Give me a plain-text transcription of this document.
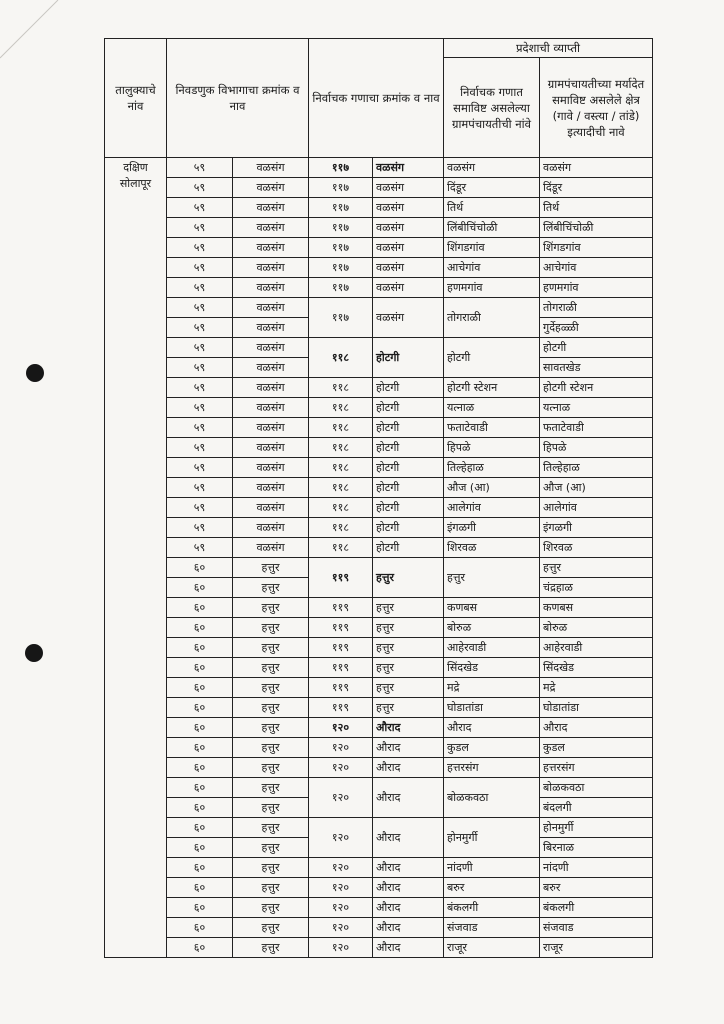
तालुक्याचे नांव	निवडणुक विभागाचा क्रमांक व नाव		निर्वाचक गणाचा क्रमांक व नाव		प्रदेशाची व्याप्ती	
					निर्वाचक गणात समाविष्ट असलेल्या ग्रामपंचायतीची नांवे	ग्रामपंचायतीच्या मर्यादेत समाविष्ट असलेले क्षेत्र (गावे / वस्त्या / तांडे) इत्यादीची नावे
दक्षिण सोलापूर	५९	वळसंग	११७	वळसंग	वळसंग	वळसंग
	५९	वळसंग	११७	वळसंग	दिंडूर	दिंडूर
	५९	वळसंग	११७	वळसंग	तिर्थ	तिर्थ
	५९	वळसंग	११७	वळसंग	लिंबीचिंचोळी	लिंबीचिंचोळी
	५९	वळसंग	११७	वळसंग	शिंगडगांव	शिंगडगांव
	५९	वळसंग	११७	वळसंग	आचेगांव	आचेगांव
	५९	वळसंग	११७	वळसंग	हणमगांव	हणमगांव
	५९	वळसंग	११७	वळसंग	तोगराळी	तोगराळी
	५९	वळसंग				गुर्देहळ्ळी
	५९	वळसंग	११८	होटगी	होटगी	होटगी
	५९	वळसंग				सावतखेड
	५९	वळसंग	११८	होटगी	होटगी स्टेशन	होटगी स्टेशन
	५९	वळसंग	११८	होटगी	यत्नाळ	यत्नाळ
	५९	वळसंग	११८	होटगी	फताटेवाडी	फताटेवाडी
	५९	वळसंग	११८	होटगी	हिपळे	हिपळे
	५९	वळसंग	११८	होटगी	तिल्हेहाळ	तिल्हेहाळ
	५९	वळसंग	११८	होटगी	औज (आ)	औज (आ)
	५९	वळसंग	११८	होटगी	आलेगांव	आलेगांव
	५९	वळसंग	११८	होटगी	इंगळगी	इंगळगी
	५९	वळसंग	११८	होटगी	शिरवळ	शिरवळ
	६०	हत्तुर	११९	हत्तुर	हत्तुर	हत्तुर
	६०	हत्तुर				चंद्रहाळ
	६०	हत्तुर	११९	हत्तुर	कणबस	कणबस
	६०	हत्तुर	११९	हत्तुर	बोरुळ	बोरुळ
	६०	हत्तुर	११९	हत्तुर	आहेरवाडी	आहेरवाडी
	६०	हत्तुर	११९	हत्तुर	सिंदखेड	सिंदखेड
	६०	हत्तुर	११९	हत्तुर	मद्रे	मद्रे
	६०	हत्तुर	११९	हत्तुर	घोडातांडा	घोडातांडा
	६०	हत्तुर	१२०	औराद	औराद	औराद
	६०	हत्तुर	१२०	औराद	कुडल	कुडल
	६०	हत्तुर	१२०	औराद	हत्तरसंग	हत्तरसंग
	६०	हत्तुर	१२०	औराद	बोळकवठा	बोळकवठा
	६०	हत्तुर				बंदलगी
	६०	हत्तुर	१२०	औराद	होनमुर्गी	होनमुर्गी
	६०	हत्तुर				बिरनाळ
	६०	हत्तुर	१२०	औराद	नांदणी	नांदणी
	६०	हत्तुर	१२०	औराद	बरुर	बरुर
	६०	हत्तुर	१२०	औराद	बंकलगी	बंकलगी
	६०	हत्तुर	१२०	औराद	संजवाड	संजवाड
	६०	हत्तुर	१२०	औराद	राजूर	राजूर
